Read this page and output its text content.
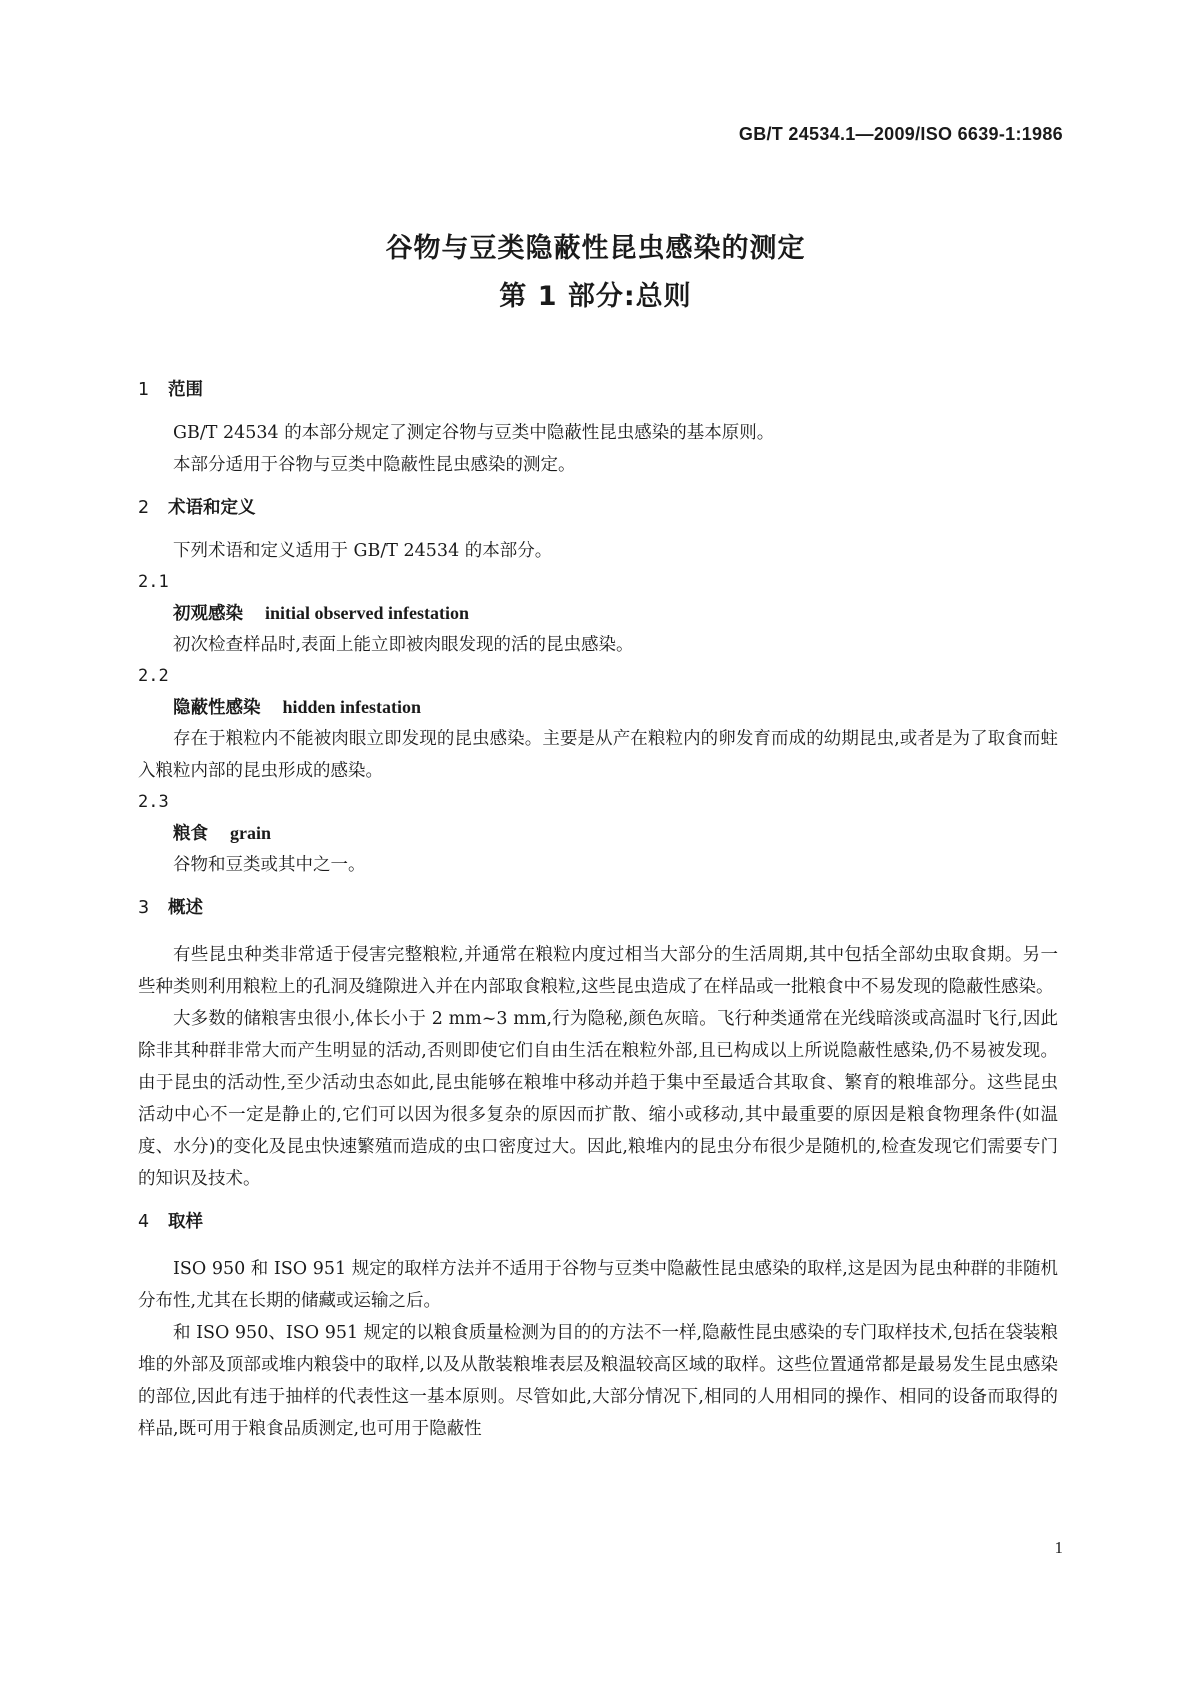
GB/T 24534.1—2009/ISO 6639-1:1986
谷物与豆类隐蔽性昆虫感染的测定
第 1 部分:总则
1 范围
GB/T 24534 的本部分规定了测定谷物与豆类中隐蔽性昆虫感染的基本原则。
本部分适用于谷物与豆类中隐蔽性昆虫感染的测定。
2 术语和定义
下列术语和定义适用于 GB/T 24534 的本部分。
2.1
初观感染 initial observed infestation
初次检查样品时,表面上能立即被肉眼发现的活的昆虫感染。
2.2
隐蔽性感染 hidden infestation
存在于粮粒内不能被肉眼立即发现的昆虫感染。主要是从产在粮粒内的卵发育而成的幼期昆虫,或者是为了取食而蛀入粮粒内部的昆虫形成的感染。
2.3
粮食 grain
谷物和豆类或其中之一。
3 概述
有些昆虫种类非常适于侵害完整粮粒,并通常在粮粒内度过相当大部分的生活周期,其中包括全部幼虫取食期。另一些种类则利用粮粒上的孔洞及缝隙进入并在内部取食粮粒,这些昆虫造成了在样品或一批粮食中不易发现的隐蔽性感染。
大多数的储粮害虫很小,体长小于 2 mm~3 mm,行为隐秘,颜色灰暗。飞行种类通常在光线暗淡或高温时飞行,因此除非其种群非常大而产生明显的活动,否则即使它们自由生活在粮粒外部,且已构成以上所说隐蔽性感染,仍不易被发现。由于昆虫的活动性,至少活动虫态如此,昆虫能够在粮堆中移动并趋于集中至最适合其取食、繁育的粮堆部分。这些昆虫活动中心不一定是静止的,它们可以因为很多复杂的原因而扩散、缩小或移动,其中最重要的原因是粮食物理条件(如温度、水分)的变化及昆虫快速繁殖而造成的虫口密度过大。因此,粮堆内的昆虫分布很少是随机的,检查发现它们需要专门的知识及技术。
4 取样
ISO 950 和 ISO 951 规定的取样方法并不适用于谷物与豆类中隐蔽性昆虫感染的取样,这是因为昆虫种群的非随机分布性,尤其在长期的储藏或运输之后。
和 ISO 950、ISO 951 规定的以粮食质量检测为目的的方法不一样,隐蔽性昆虫感染的专门取样技术,包括在袋装粮堆的外部及顶部或堆内粮袋中的取样,以及从散装粮堆表层及粮温较高区域的取样。这些位置通常都是最易发生昆虫感染的部位,因此有违于抽样的代表性这一基本原则。尽管如此,大部分情况下,相同的人用相同的操作、相同的设备而取得的样品,既可用于粮食品质测定,也可用于隐蔽性
1
